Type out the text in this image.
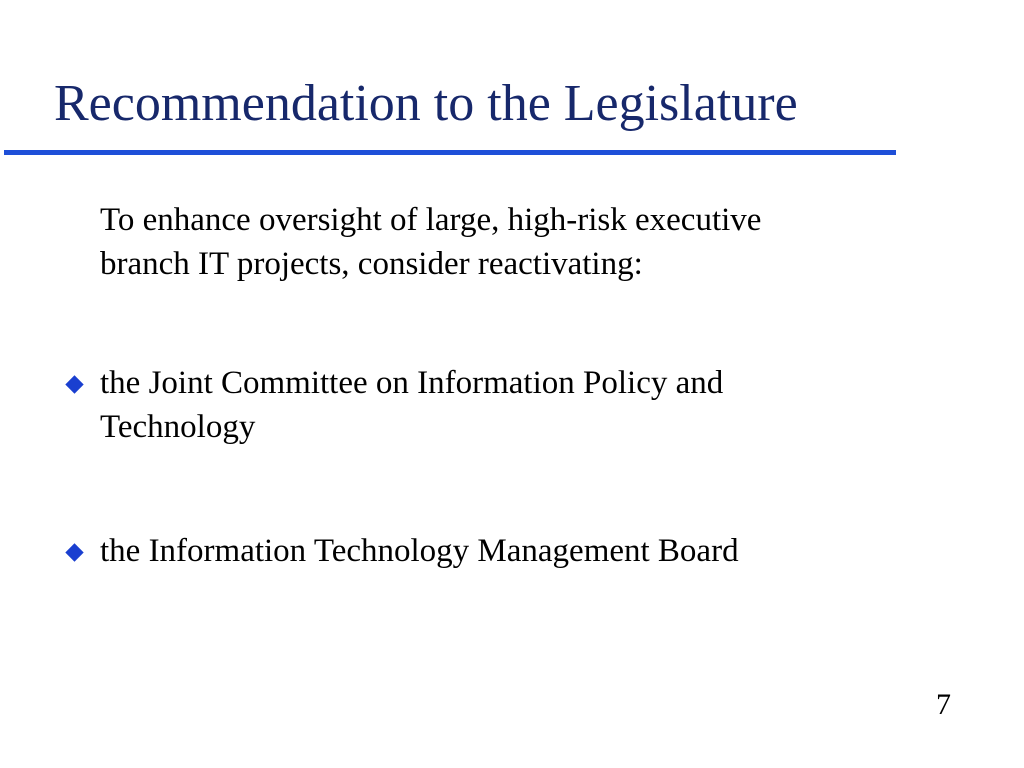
Recommendation to the Legislature
To enhance oversight of large, high-risk executive
branch IT projects, consider reactivating:
the Joint Committee on Information Policy and
Technology
the Information Technology Management Board
7
